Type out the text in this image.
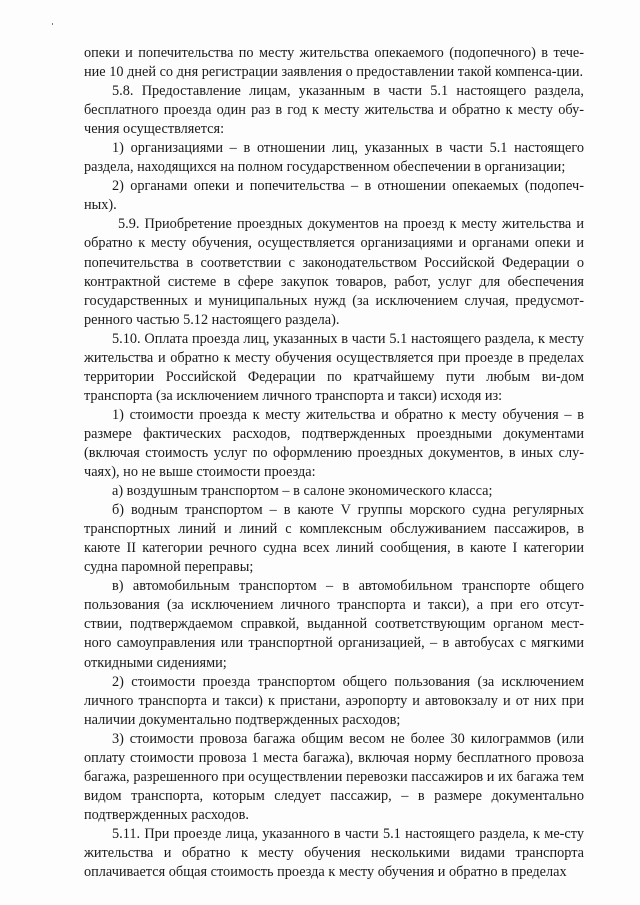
опеки и попечительства по месту жительства опекаемого (подопечного) в тече-ние 10 дней со дня регистрации заявления о предоставлении такой компенса-ции.

5.8. Предоставление лицам, указанным в части 5.1 настоящего раздела, бесплатного проезда один раз в год к месту жительства и обратно к месту обу-чения осуществляется:

1) организациями – в отношении лиц, указанных в части 5.1 настоящего раздела, находящихся на полном государственном обеспечении в организации;

2) органами опеки и попечительства – в отношении опекаемых (подопеч-ных).

5.9. Приобретение проездных документов на проезд к месту жительства и обратно к месту обучения, осуществляется организациями и органами опеки и попечительства в соответствии с законодательством Российской Федерации о контрактной системе в сфере закупок товаров, работ, услуг для обеспечения государственных и муниципальных нужд (за исключением случая, предусмот-ренного частью 5.12 настоящего раздела).

5.10. Оплата проезда лиц, указанных в части 5.1 настоящего раздела, к месту жительства и обратно к месту обучения осуществляется при проезде в пределах территории Российской Федерации по кратчайшему пути любым ви-дом транспорта (за исключением личного транспорта и такси) исходя из:

1) стоимости проезда к месту жительства и обратно к месту обучения – в размере фактических расходов, подтвержденных проездными документами (включая стоимость услуг по оформлению проездных документов, в иных слу-чаях), но не выше стоимости проезда:

а) воздушным транспортом – в салоне экономического класса;

б) водным транспортом – в каюте V группы морского судна регулярных транспортных линий и линий с комплексным обслуживанием пассажиров, в каюте II категории речного судна всех линий сообщения, в каюте I категории судна паромной переправы;

в) автомобильным транспортом – в автомобильном транспорте общего пользования (за исключением личного транспорта и такси), а при его отсут-ствии, подтверждаемом справкой, выданной соответствующим органом мест-ного самоуправления или транспортной организацией, – в автобусах с мягкими откидными сидениями;

2) стоимости проезда транспортом общего пользования (за исключением личного транспорта и такси) к пристани, аэропорту и автовокзалу и от них при наличии документально подтвержденных расходов;

3) стоимости провоза багажа общим весом не более 30 килограммов (или оплату стоимости провоза 1 места багажа), включая норму бесплатного провоза багажа, разрешенного при осуществлении перевозки пассажиров и их багажа тем видом транспорта, которым следует пассажир, – в размере документально подтвержденных расходов.

5.11. При проезде лица, указанного в части 5.1 настоящего раздела, к ме-сту жительства и обратно к месту обучения несколькими видами транспорта оплачивается общая стоимость проезда к месту обучения и обратно в пределах
